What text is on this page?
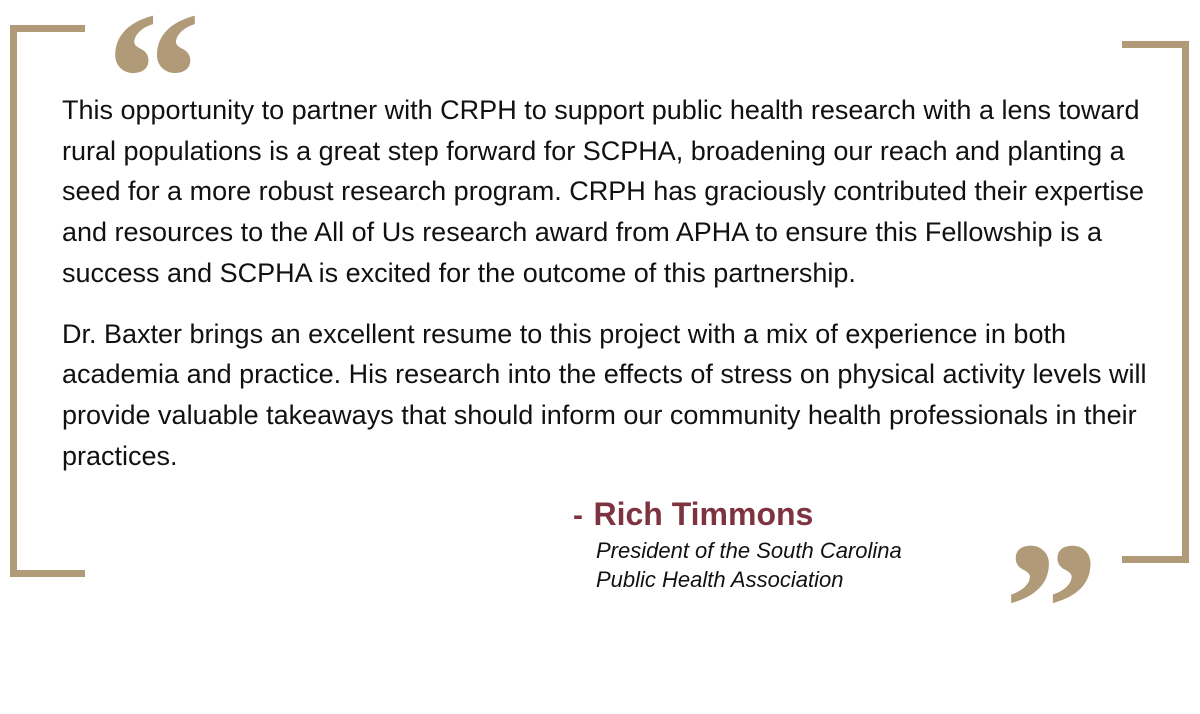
“

This opportunity to partner with CRPH to support public health research with a lens toward rural populations is a great step forward for SCPHA, broadening our reach and planting a seed for a more robust research program. CRPH has graciously contributed their expertise and resources to the All of Us research award from APHA to ensure this Fellowship is a success and SCPHA is excited for the outcome of this partnership.

Dr. Baxter brings an excellent resume to this project with a mix of experience in both academia and practice. His research into the effects of stress on physical activity levels will provide valuable takeaways that should inform our community health professionals in their practices.

- Rich Timmons
President of the South Carolina
Public Health Association ”
